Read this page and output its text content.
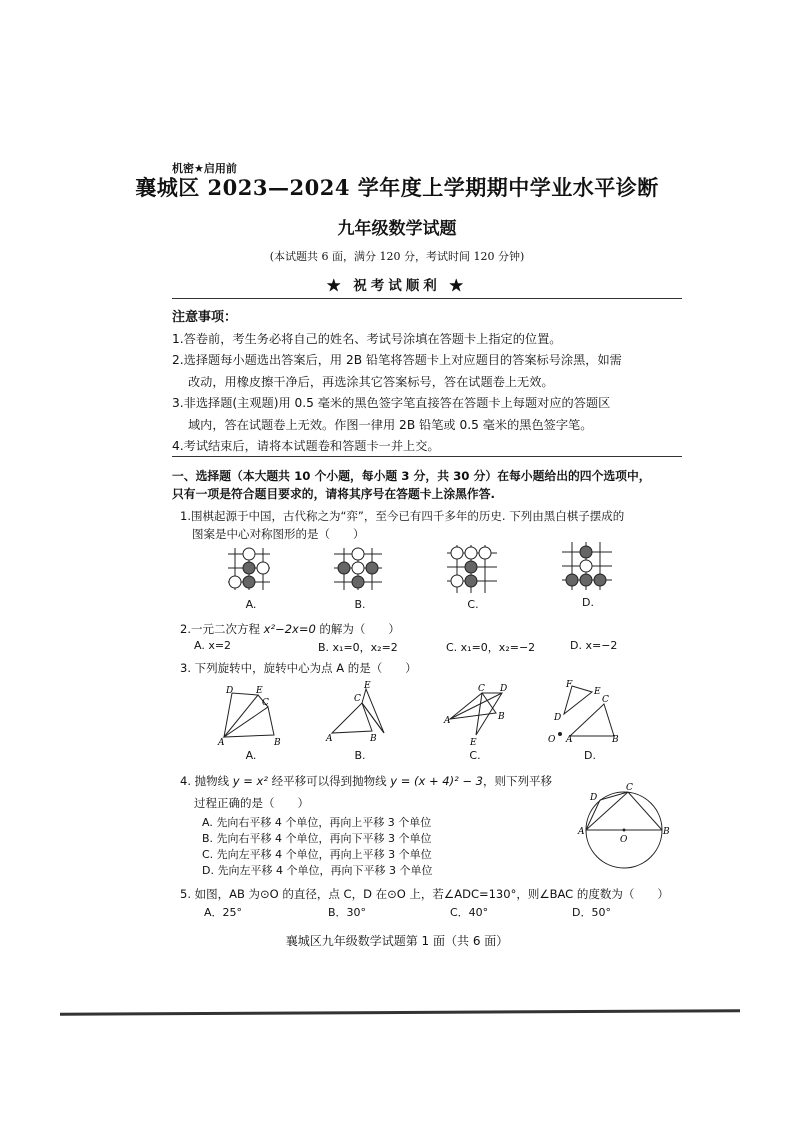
机密★启用前
襄城区 2023—2024 学年度上学期期中学业水平诊断
九年级数学试题
(本试题共 6 面，满分 120 分，考试时间 120 分钟)
★ 祝考试顺利 ★
注意事项：
1.答卷前，考生务必将自己的姓名、考试号涂填在答题卡上指定的位置。
2.选择题每小题选出答案后，用 2B 铅笔将答题卡上对应题目的答案标号涂黑，如需
改动，用橡皮擦干净后，再选涂其它答案标号，答在试题卷上无效。
3.非选择题(主观题)用 0.5 毫米的黑色签字笔直接答在答题卡上每题对应的答题区
域内，答在试题卷上无效。作图一律用 2B 铅笔或 0.5 毫米的黑色签字笔。
4.考试结束后，请将本试题卷和答题卡一并上交。
一、选择题（本大题共 10 个小题，每小题 3 分，共 30 分）在每小题给出的四个选项中，
只有一项是符合题目要求的，请将其序号在答题卡上涂黑作答.
1.围棋起源于中国，古代称之为“弈”，至今已有四千多年的历史. 下列由黑白棋子摆成的
图案是中心对称图形的是（　　）
A.	B.	C.	D.
2.一元二次方程 x²−2x=0 的解为（　　）
A. x=2	B. x₁=0，x₂=2	C. x₁=0，x₂=−2	D. x=−2
3. 下列旋转中，旋转中心为点 A 的是（　　）
D	E
C
A	B
A.
E
C
A	B
B.
C D
A	B
E
C.
F
E
D
C
O A	B
D.
4. 抛物线 y = x² 经平移可以得到抛物线 y = (x + 4)² − 3，则下列平移
过程正确的是（　　）
A. 先向右平移 4 个单位，再向上平移 3 个单位
B. 先向右平移 4 个单位，再向下平移 3 个单位
C. 先向左平移 4 个单位，再向上平移 3 个单位
D. 先向左平移 4 个单位，再向下平移 3 个单位
A	B
C
D
O
5. 如图，AB 为⊙O 的直径，点 C，D 在⊙O 上，若∠ADC=130°，则∠BAC 的度数为（　　）
A．25°	B．30°	C．40°	D．50°
襄城区九年级数学试题第 1 面（共 6 面）
